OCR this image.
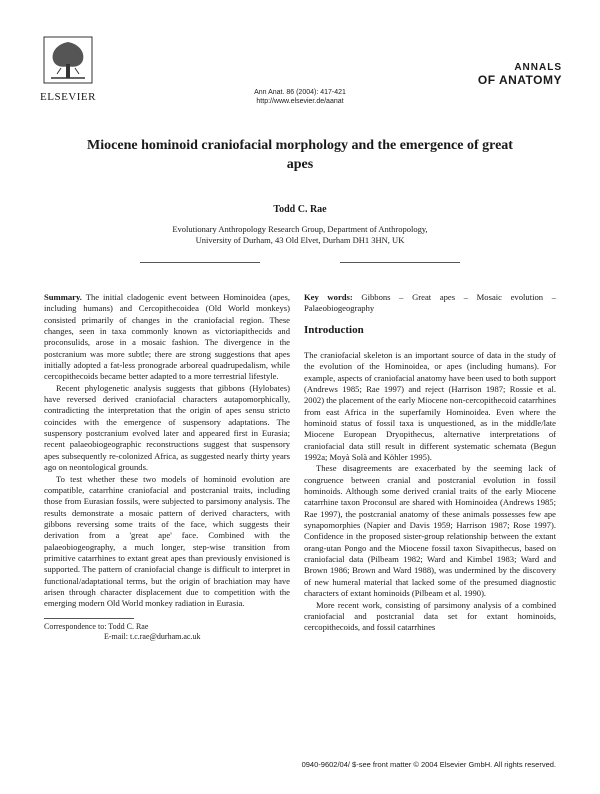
ELSEVIER	Ann Anat. 86 (2004): 417-421
http://www.elsevier.de/aanat
ANNALS
OF ANATOMY
Miocene hominoid craniofacial morphology and the emergence of great apes
Todd C. Rae
Evolutionary Anthropology Research Group, Department of Anthropology,
University of Durham, 43 Old Elvet, Durham DH1 3HN, UK

Summary. The initial cladogenic event between Hominoidea (apes, including humans) and Cercopithecoidea (Old World monkeys) consisted primarily of changes in the craniofacial region. These changes, seen in taxa commonly known as victoriapithecids and proconsulids, arose in a mosaic fashion. The divergence in the postcranium was more subtle; there are strong suggestions that apes initially adopted a fat-less pronograde arboreal quadrupedalism, while cercopithecoids became better adapted to a more terrestrial lifestyle.

Recent phylogenetic analysis suggests that gibbons (Hylobates) have reversed derived craniofacial characters autapomorphically, contradicting the interpretation that the origin of apes sensu stricto coincides with the emergence of suspensory adaptations. The suspensory postcranium evolved later and appeared first in Eurasia; recent palaeobiogeographic reconstructions suggest that suspensory apes subsequently re-colonized Africa, as suggested nearly thirty years ago on neontological grounds.

To test whether these two models of hominoid evolution are compatible, catarrhine craniofacial and postcranial traits, including those from Eurasian fossils, were subjected to parsimony analysis. The results demonstrate a mosaic pattern of derived characters, with gibbons reversing some traits of the face, which suggests their derivation from a 'great ape' face. Combined with the palaeobiogeography, a much longer, step-wise transition from primitive catarrhines to extant great apes than previously envisioned is supported. The pattern of craniofacial change is difficult to interpret in functional/adaptational terms, but the origin of brachiation may have arisen through character displacement due to competition with the emerging modern Old World monkey radiation in Eurasia.

Correspondence to: Todd C. Rae
E-mail: t.c.rae@durham.ac.uk
Key words: Gibbons – Great apes – Mosaic evolution – Palaeobiogeography
Introduction

The craniofacial skeleton is an important source of data in the study of the evolution of the Hominoidea, or apes (including humans). For example, aspects of craniofacial anatomy have been used to both support (Andrews 1985; Rae 1997) and reject (Harrison 1987; Rossie et al. 2002) the placement of the early Miocene non-cercopithecoid catarrhines from east Africa in the superfamily Hominoidea. Even where the hominoid status of fossil taxa is unquestioned, as in the middle/late Miocene European Dryopithecus, alternative interpretations of craniofacial data still result in different systematic schemata (Begun 1992a; Moyà Solà and Köhler 1995).

These disagreements are exacerbated by the seeming lack of congruence between cranial and postcranial evolution in fossil hominoids. Although some derived cranial traits of the early Miocene catarrhine taxon Proconsul are shared with Hominoidea (Andrews 1985; Rae 1997), the postcranial anatomy of these animals possesses few ape synapomorphies (Napier and Davis 1959; Harrison 1987; Rose 1997). Confidence in the proposed sister-group relationship between the extant orang-utan Pongo and the Miocene fossil taxon Sivapithecus, based on craniofacial data (Pilbeam 1982; Ward and Kimbel 1983; Ward and Brown 1986; Brown and Ward 1988), was undermined by the discovery of new humeral material that lacked some of the presumed diagnostic characters of extant hominoids (Pilbeam et al. 1990).

More recent work, consisting of parsimony analysis of a combined craniofacial and postcranial data set for extant hominoids, cercopithecoids, and fossil catarrhines

0940-9602/04/ $-see front matter © 2004 Elsevier GmbH. All rights reserved.
